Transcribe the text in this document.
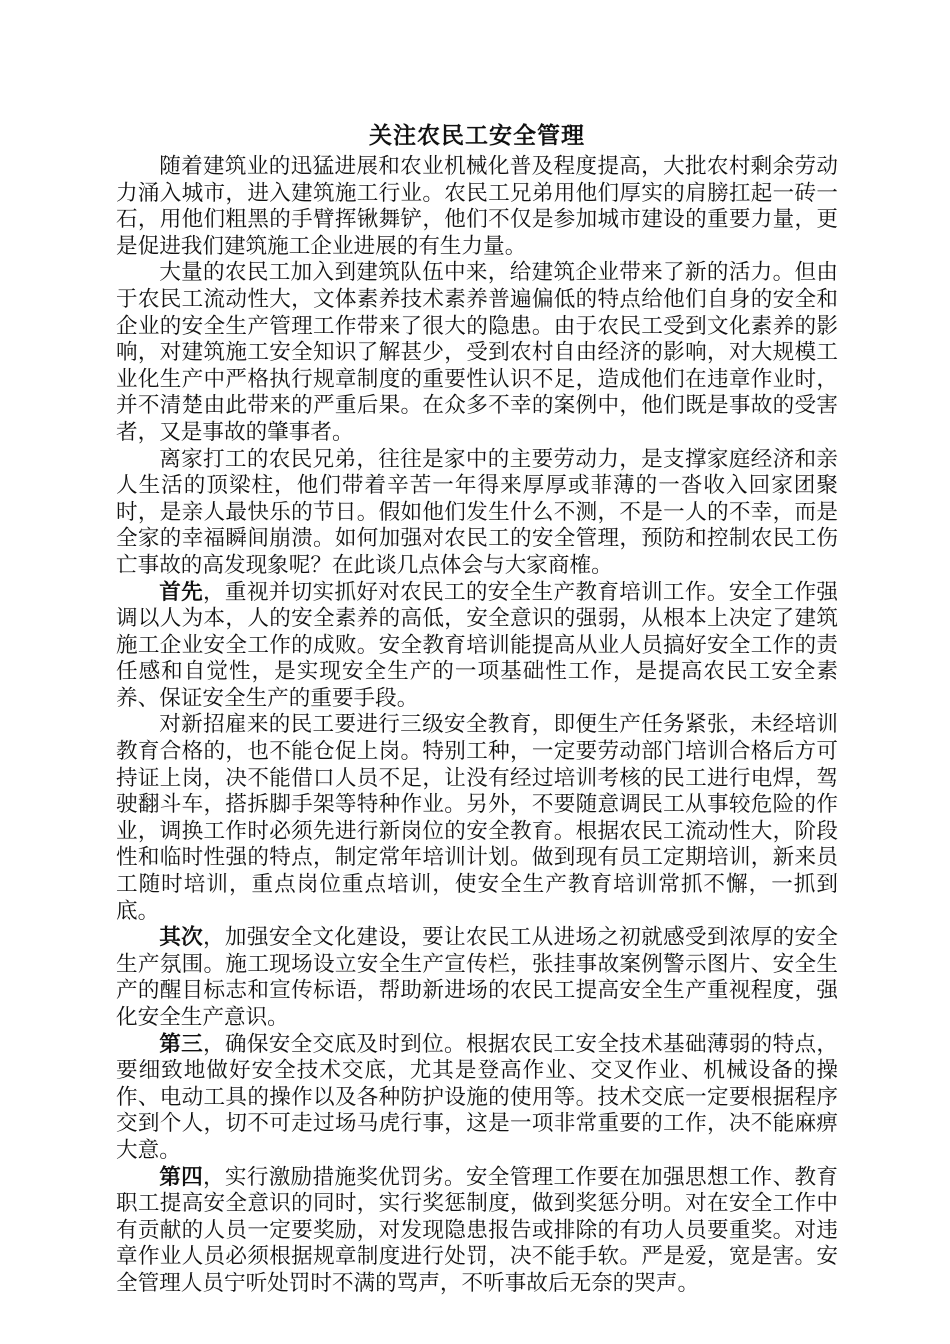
关注农民工安全管理

随着建筑业的迅猛进展和农业机械化普及程度提高，大批农村剩余劳动力涌入城市，进入建筑施工行业。农民工兄弟用他们厚实的肩膀扛起一砖一石，用他们粗黑的手臂挥锹舞铲，他们不仅是参加城市建设的重要力量，更是促进我们建筑施工企业进展的有生力量。

大量的农民工加入到建筑队伍中来，给建筑企业带来了新的活力。但由于农民工流动性大，文体素养技术素养普遍偏低的特点给他们自身的安全和企业的安全生产管理工作带来了很大的隐患。由于农民工受到文化素养的影响，对建筑施工安全知识了解甚少，受到农村自由经济的影响，对大规模工业化生产中严格执行规章制度的重要性认识不足，造成他们在违章作业时，并不清楚由此带来的严重后果。在众多不幸的案例中，他们既是事故的受害者，又是事故的肇事者。

离家打工的农民兄弟，往往是家中的主要劳动力，是支撑家庭经济和亲人生活的顶梁柱，他们带着辛苦一年得来厚厚或菲薄的一沓收入回家团聚时，是亲人最快乐的节日。假如他们发生什么不测，不是一人的不幸，而是全家的幸福瞬间崩溃。如何加强对农民工的安全管理，预防和控制农民工伤亡事故的高发现象呢？在此谈几点体会与大家商榷。

首先，重视并切实抓好对农民工的安全生产教育培训工作。安全工作强调以人为本，人的安全素养的高低，安全意识的强弱，从根本上决定了建筑施工企业安全工作的成败。安全教育培训能提高从业人员搞好安全工作的责任感和自觉性，是实现安全生产的一项基础性工作，是提高农民工安全素养、保证安全生产的重要手段。

对新招雇来的民工要进行三级安全教育，即便生产任务紧张，未经培训教育合格的，也不能仓促上岗。特别工种，一定要劳动部门培训合格后方可持证上岗，决不能借口人员不足，让没有经过培训考核的民工进行电焊，驾驶翻斗车，搭拆脚手架等特种作业。另外，不要随意调民工从事较危险的作业，调换工作时必须先进行新岗位的安全教育。根据农民工流动性大，阶段性和临时性强的特点，制定常年培训计划。做到现有员工定期培训，新来员工随时培训，重点岗位重点培训，使安全生产教育培训常抓不懈，一抓到底。

其次，加强安全文化建设，要让农民工从进场之初就感受到浓厚的安全生产氛围。施工现场设立安全生产宣传栏，张挂事故案例警示图片、安全生产的醒目标志和宣传标语，帮助新进场的农民工提高安全生产重视程度，强化安全生产意识。

第三，确保安全交底及时到位。根据农民工安全技术基础薄弱的特点，要细致地做好安全技术交底，尤其是登高作业、交叉作业、机械设备的操作、电动工具的操作以及各种防护设施的使用等。技术交底一定要根据程序交到个人，切不可走过场马虎行事，这是一项非常重要的工作，决不能麻痹大意。

第四，实行激励措施奖优罚劣。安全管理工作要在加强思想工作、教育职工提高安全意识的同时，实行奖惩制度，做到奖惩分明。对在安全工作中有贡献的人员一定要奖励，对发现隐患报告或排除的有功人员要重奖。对违章作业人员必须根据规章制度进行处罚，决不能手软。严是爱，宽是害。安全管理人员宁听处罚时不满的骂声，不听事故后无奈的哭声。
